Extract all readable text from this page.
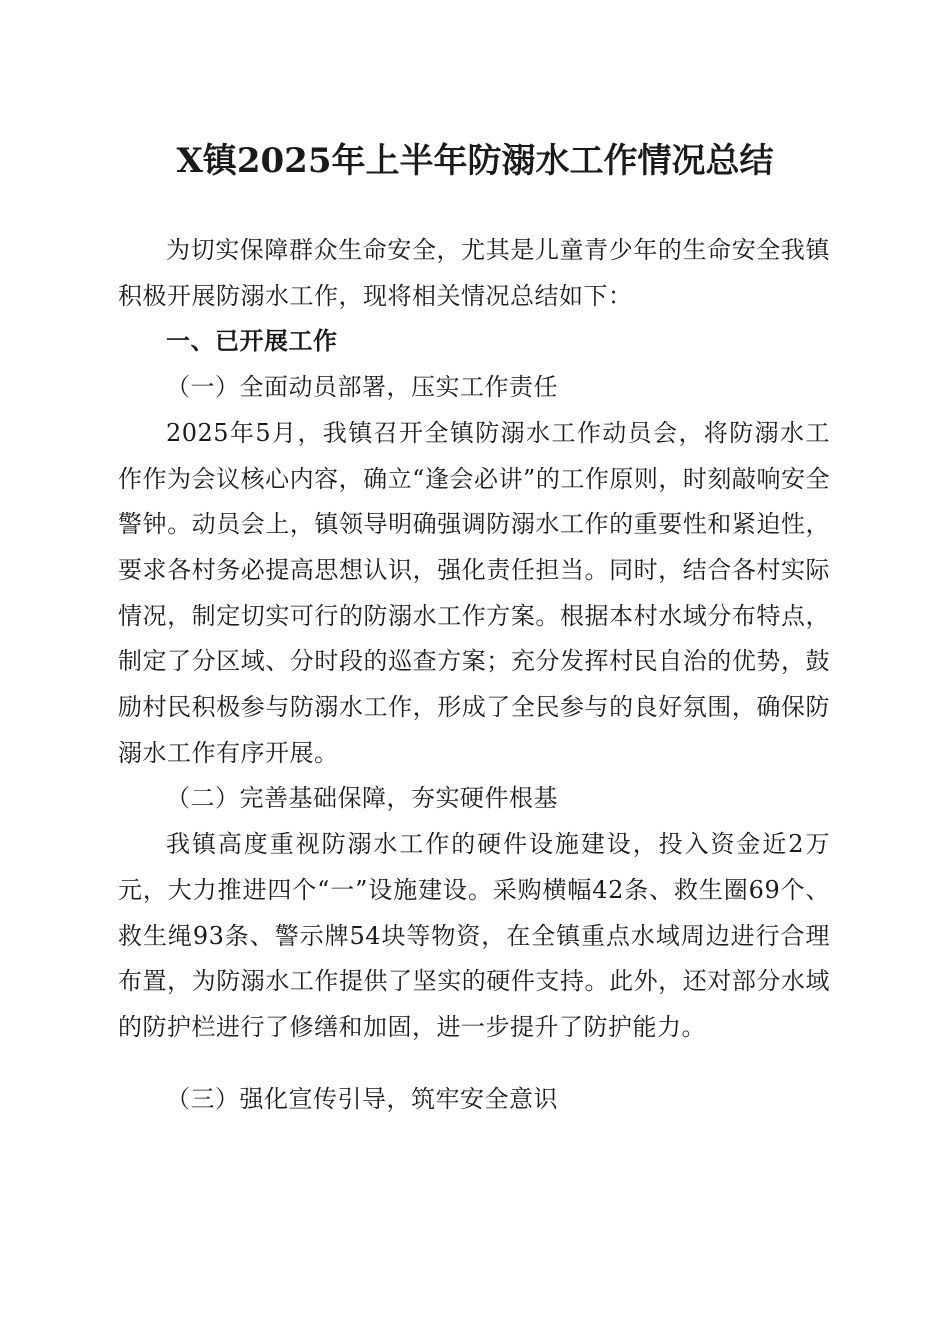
X镇2025年上半年防溺水工作情况总结

为切实保障群众生命安全，尤其是儿童青少年的生命安全我镇积极开展防溺水工作，现将相关情况总结如下：

一、已开展工作

（一）全面动员部署，压实工作责任

2025年5月，我镇召开全镇防溺水工作动员会，将防溺水工作作为会议核心内容，确立“逢会必讲”的工作原则，时刻敲响安全警钟。动员会上，镇领导明确强调防溺水工作的重要性和紧迫性，要求各村务必提高思想认识，强化责任担当。同时，结合各村实际情况，制定切实可行的防溺水工作方案。根据本村水域分布特点，制定了分区域、分时段的巡查方案；充分发挥村民自治的优势，鼓励村民积极参与防溺水工作，形成了全民参与的良好氛围，确保防溺水工作有序开展。

（二）完善基础保障，夯实硬件根基

我镇高度重视防溺水工作的硬件设施建设，投入资金近2万元，大力推进四个“一”设施建设。采购横幅42条、救生圈69个、救生绳93条、警示牌54块等物资，在全镇重点水域周边进行合理布置，为防溺水工作提供了坚实的硬件支持。此外，还对部分水域的防护栏进行了修缮和加固，进一步提升了防护能力。

（三）强化宣传引导，筑牢安全意识
